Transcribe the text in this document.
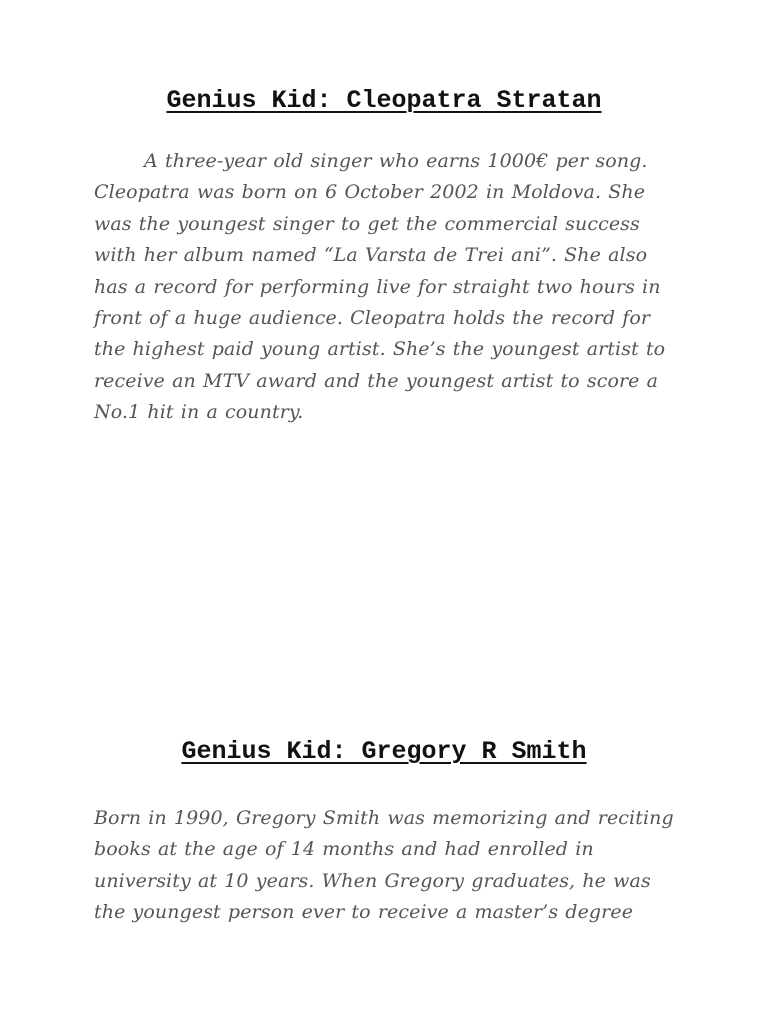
Genius Kid: Cleopatra Stratan

A three-year old singer who earns 1000€ per song. Cleopatra was born on 6 October 2002 in Moldova. She was the youngest singer to get the commercial success with her album named “La Varsta de Trei ani”. She also has a record for performing live for straight two hours in front of a huge audience. Cleopatra holds the record for the highest paid young artist. She’s the youngest artist to receive an MTV award and the youngest artist to score a No.1 hit in a country.

Genius Kid: Gregory R Smith

Born in 1990, Gregory Smith was memorizing and reciting books at the age of 14 months and had enrolled in university at 10 years. When Gregory graduates, he was the youngest person ever to receive a master’s degree
